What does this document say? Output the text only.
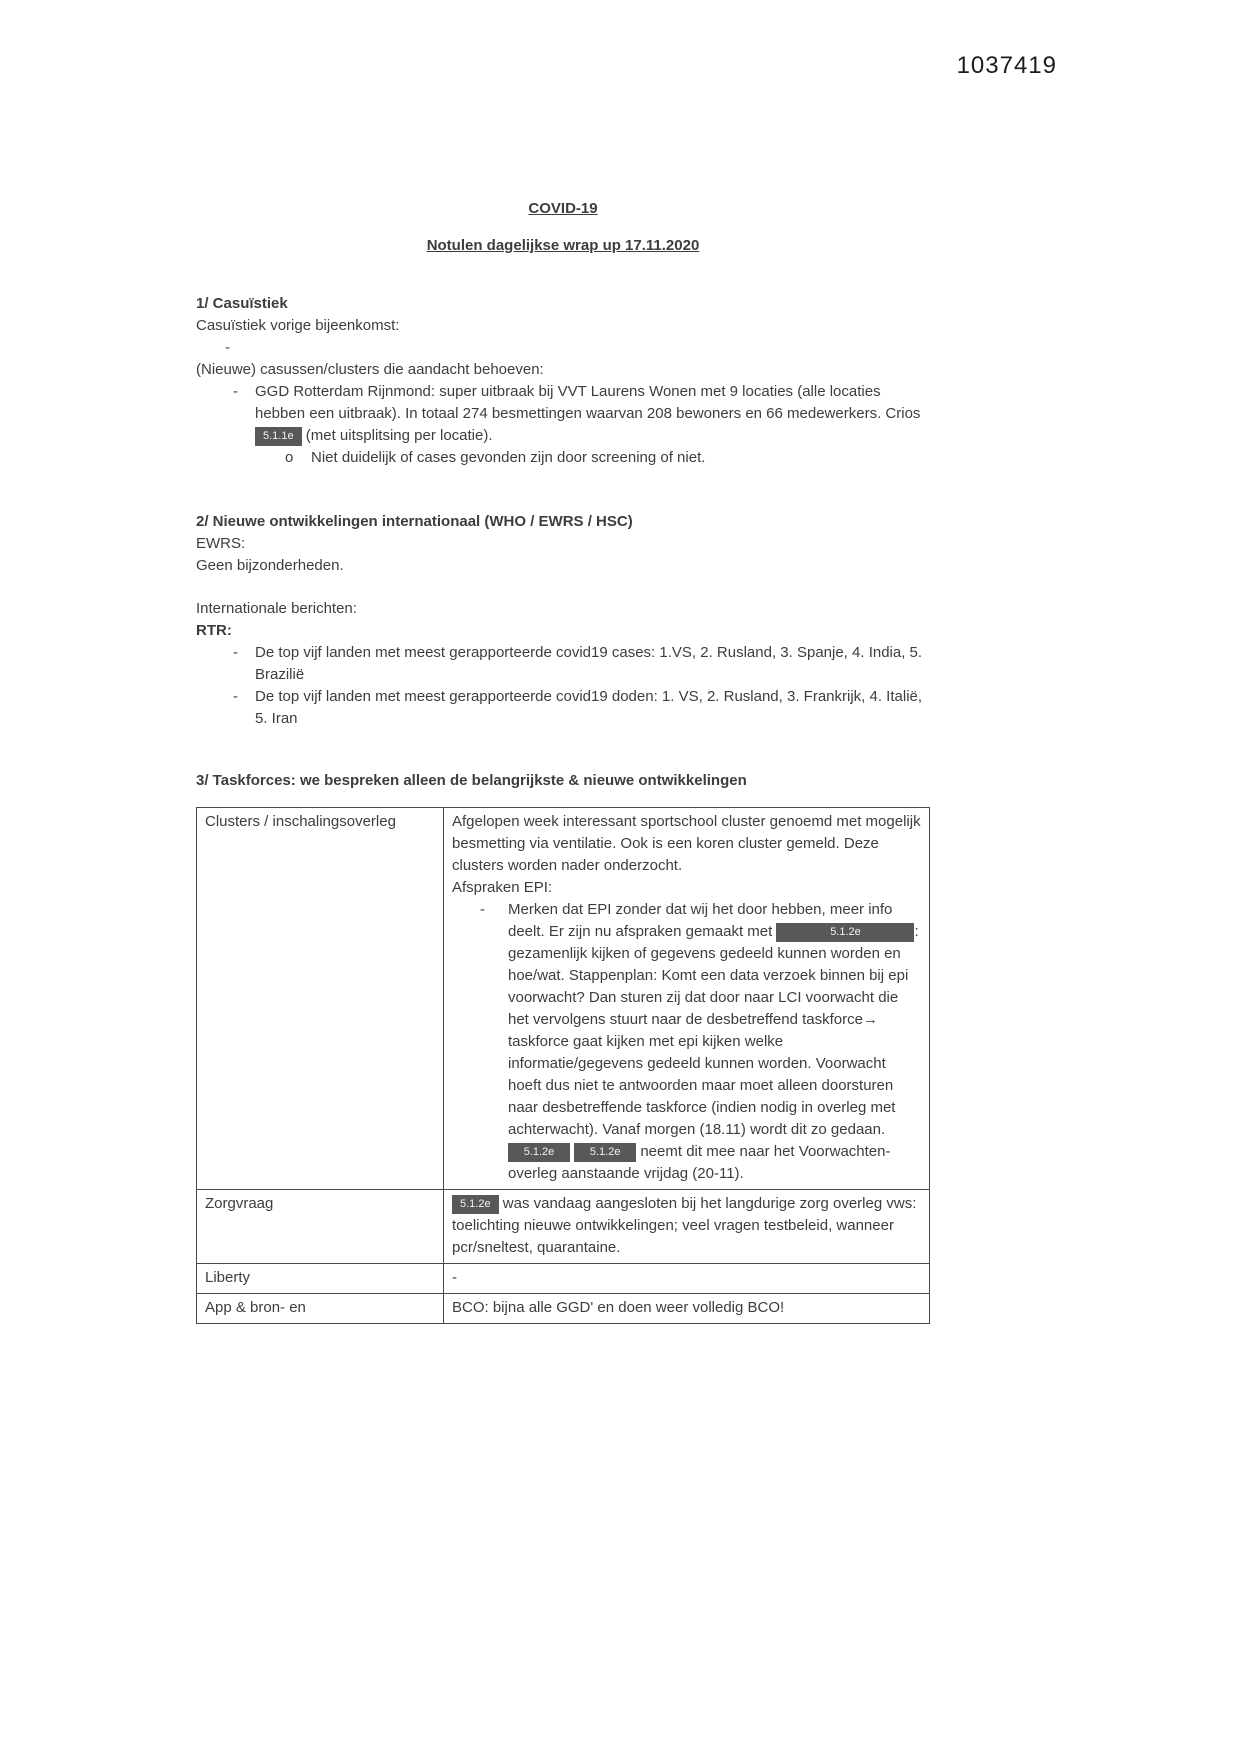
1037419
COVID-19
Notulen dagelijkse wrap up 17.11.2020
1/ Casuïstiek
Casuïstiek vorige bijeenkomst:
-
(Nieuwe) casussen/clusters die aandacht behoeven:
-	GGD Rotterdam Rijnmond: super uitbraak bij VVT Laurens Wonen met 9 locaties (alle locaties hebben een uitbraak). In totaal 274 besmettingen waarvan 208 bewoners en 66 medewerkers. Crios 5.1.1e (met uitsplitsing per locatie).
o	Niet duidelijk of cases gevonden zijn door screening of niet.
2/ Nieuwe ontwikkelingen internationaal (WHO / EWRS / HSC)
EWRS:
Geen bijzonderheden.
Internationale berichten:
RTR:
-	De top vijf landen met meest gerapporteerde covid19 cases: 1.VS, 2. Rusland, 3. Spanje, 4. India, 5. Brazilië
-	De top vijf landen met meest gerapporteerde covid19 doden: 1. VS, 2. Rusland, 3. Frankrijk, 4. Italië, 5. Iran
3/ Taskforces: we bespreken alleen de belangrijkste & nieuwe ontwikkelingen
Clusters / inschalingsoverleg	Afgelopen week interessant sportschool cluster genoemd met mogelijk besmetting via ventilatie. Ook is een koren cluster gemeld. Deze clusters worden nader onderzocht.
Afspraken EPI:
- Merken dat EPI zonder dat wij het door hebben, meer info deelt. Er zijn nu afspraken gemaakt met 5.1.2e : gezamenlijk kijken of gegevens gedeeld kunnen worden en hoe/wat. Stappenplan: Komt een data verzoek binnen bij epi voorwacht? Dan sturen zij dat door naar LCI voorwacht die het vervolgens stuurt naar de desbetreffend taskforce→ taskforce gaat kijken met epi kijken welke informatie/gegevens gedeeld kunnen worden. Voorwacht hoeft dus niet te antwoorden maar moet alleen doorsturen naar desbetreffende taskforce (indien nodig in overleg met achterwacht). Vanaf morgen (18.11) wordt dit zo gedaan. 5.1.2e 5.1.2e neemt dit mee naar het Voorwachten-overleg aanstaande vrijdag (20-11).

Zorgvraag	5.1.2e was vandaag aangesloten bij het langdurige zorg overleg vws: toelichting nieuwe ontwikkelingen; veel vragen testbeleid, wanneer pcr/sneltest, quarantaine.
Liberty	-
App & bron- en	BCO: bijna alle GGD' en doen weer volledig BCO!
